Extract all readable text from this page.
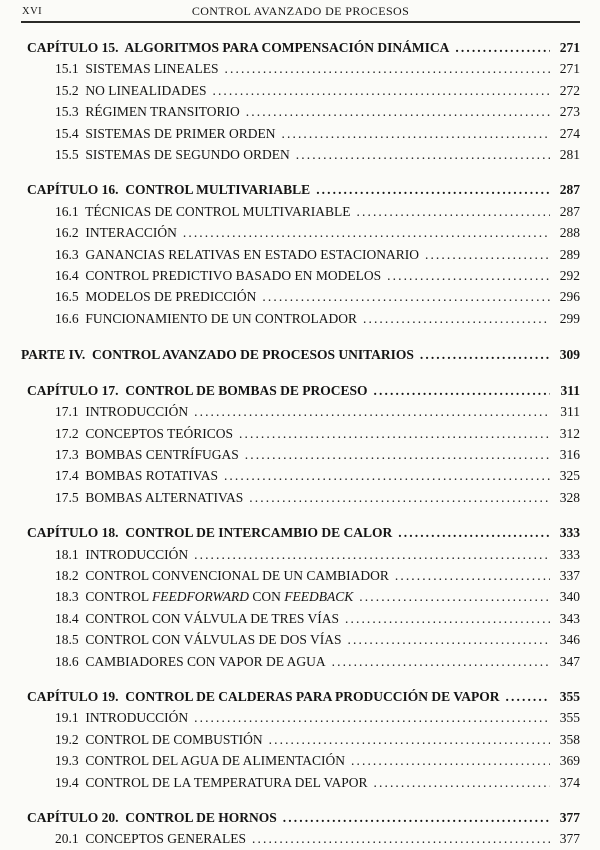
XVI	CONTROL AVANZADO DE PROCESOS
CAPÍTULO 15.  ALGORITMOS PARA COMPENSACIÓN DINÁMICA .....	271
15.1  SISTEMAS LINEALES .....	271
15.2  NO LINEALIDADES .....	272
15.3  RÉGIMEN TRANSITORIO .....	273
15.4  SISTEMAS DE PRIMER ORDEN .....	274
15.5  SISTEMAS DE SEGUNDO ORDEN .....	281
CAPÍTULO 16.  CONTROL MULTIVARIABLE .....	287
16.1  TÉCNICAS DE CONTROL MULTIVARIABLE .....	287
16.2  INTERACCIÓN .....	288
16.3  GANANCIAS RELATIVAS EN ESTADO ESTACIONARIO .....	289
16.4  CONTROL PREDICTIVO BASADO EN MODELOS .....	292
16.5  MODELOS DE PREDICCIÓN .....	296
16.6  FUNCIONAMIENTO DE UN CONTROLADOR .....	299
PARTE IV.  CONTROL AVANZADO DE PROCESOS UNITARIOS .....	309
CAPÍTULO 17.  CONTROL DE BOMBAS DE PROCESO .....	311
17.1  INTRODUCCIÓN .....	311
17.2  CONCEPTOS TEÓRICOS .....	312
17.3  BOMBAS CENTRÍFUGAS .....	316
17.4  BOMBAS ROTATIVAS .....	325
17.5  BOMBAS ALTERNATIVAS .....	328
CAPÍTULO 18.  CONTROL DE INTERCAMBIO DE CALOR .....	333
18.1  INTRODUCCIÓN .....	333
18.2  CONTROL CONVENCIONAL DE UN CAMBIADOR .....	337
18.3  CONTROL FEEDFORWARD CON FEEDBACK .....	340
18.4  CONTROL CON VÁLVULA DE TRES VÍAS .....	343
18.5  CONTROL CON VÁLVULAS DE DOS VÍAS .....	346
18.6  CAMBIADORES CON VAPOR DE AGUA .....	347
CAPÍTULO 19.  CONTROL DE CALDERAS PARA PRODUCCIÓN DE VAPOR .....	355
19.1  INTRODUCCIÓN .....	355
19.2  CONTROL DE COMBUSTIÓN .....	358
19.3  CONTROL DEL AGUA DE ALIMENTACIÓN .....	369
19.4  CONTROL DE LA TEMPERATURA DEL VAPOR .....	374
CAPÍTULO 20.  CONTROL DE HORNOS .....	377
20.1  CONCEPTOS GENERALES .....	377
